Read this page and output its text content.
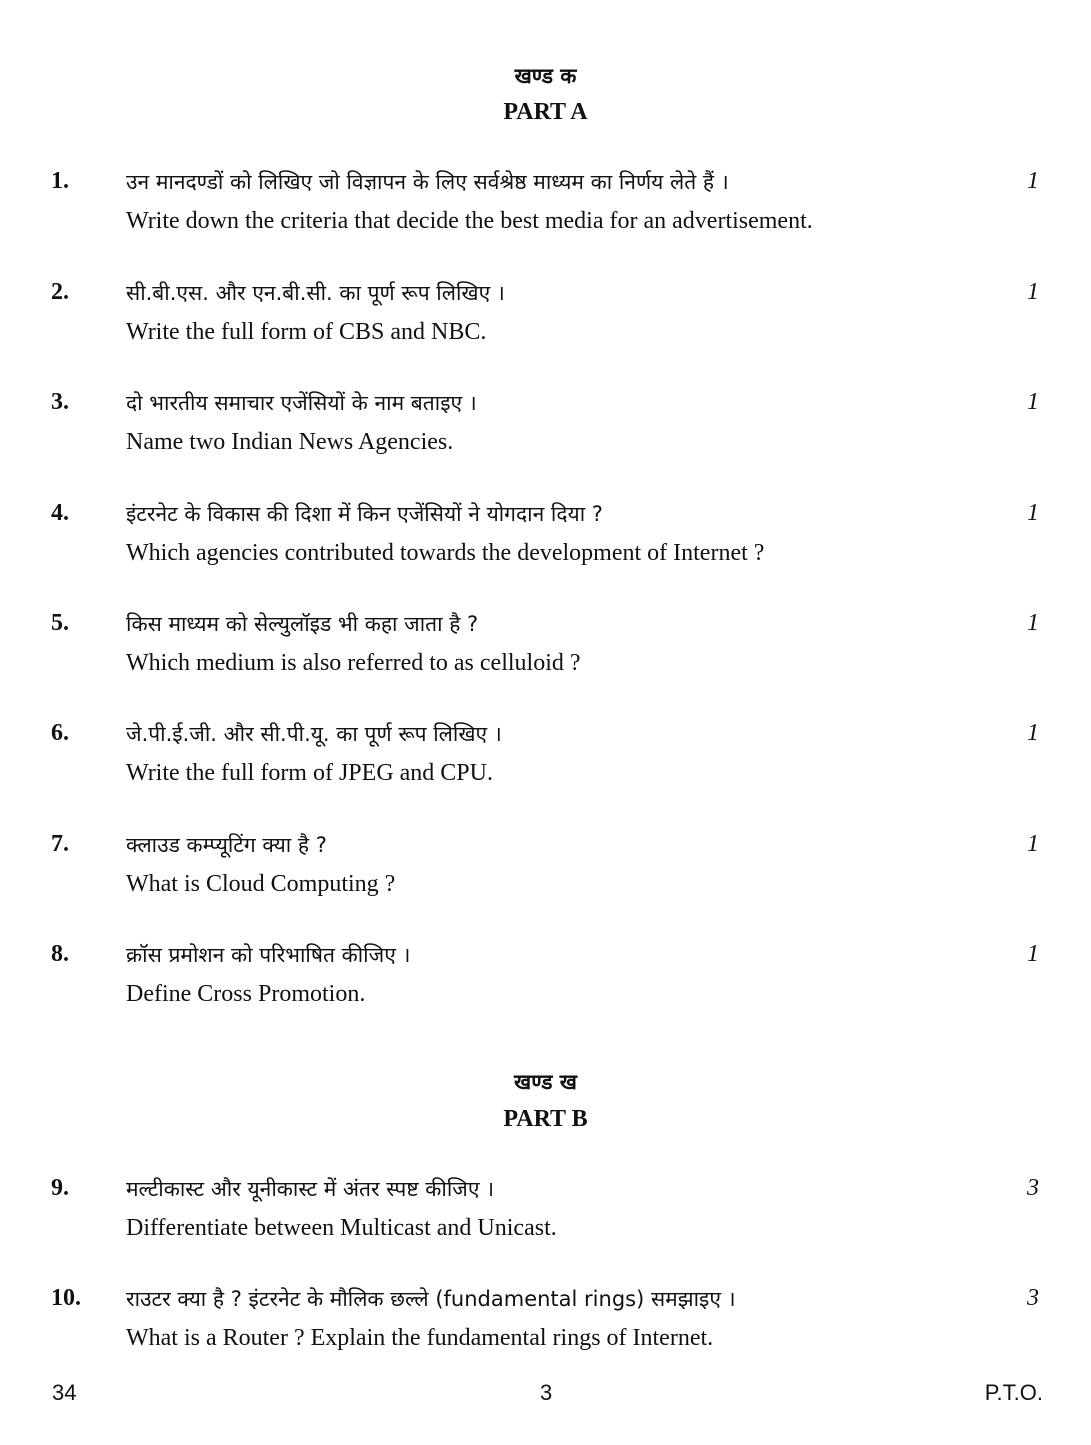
खण्ड क
PART A
1.	उन मानदण्डों को लिखिए जो विज्ञापन के लिए सर्वश्रेष्ठ माध्यम का निर्णय लेते हैं ।
Write down the criteria that decide the best media for an advertisement.
1
2.	सी.बी.एस. और एन.बी.सी. का पूर्ण रूप लिखिए ।
Write the full form of CBS and NBC.
1
3.	दो भारतीय समाचार एजेंसियों के नाम बताइए ।
Name two Indian News Agencies.
1
4.	इंटरनेट के विकास की दिशा में किन एजेंसियों ने योगदान दिया ?
Which agencies contributed towards the development of Internet ?
1
5.	किस माध्यम को सेल्युलॉइड भी कहा जाता है ?
Which medium is also referred to as celluloid ?
1
6.	जे.पी.ई.जी. और सी.पी.यू. का पूर्ण रूप लिखिए ।
Write the full form of JPEG and CPU.
1
7.	क्लाउड कम्प्यूटिंग क्या है ?
What is Cloud Computing ?
1
8.	क्रॉस प्रमोशन को परिभाषित कीजिए ।
Define Cross Promotion.
1
खण्ड ख
PART B
9.	मल्टीकास्ट और यूनीकास्ट में अंतर स्पष्ट कीजिए ।
Differentiate between Multicast and Unicast.
3
10. राउटर क्या है ? इंटरनेट के मौलिक छल्ले (fundamental rings) समझाइए ।
What is a Router ? Explain the fundamental rings of Internet.
3
34	3	P.T.O.
